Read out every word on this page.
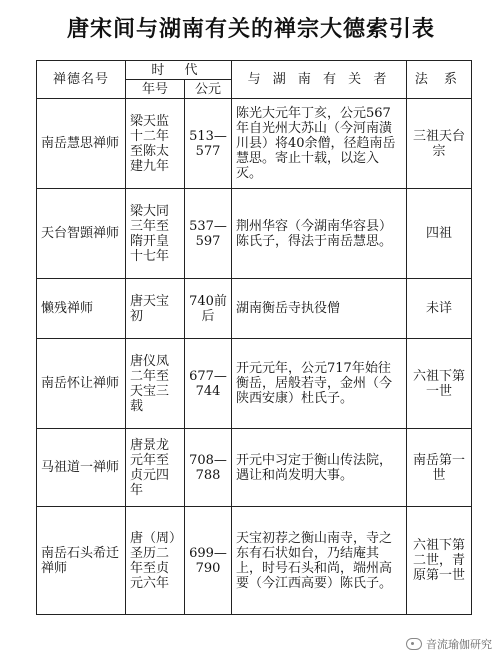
唐宋间与湖南有关的禅宗大德索引表
禅德名号	时 代		与 湖 南 有 关 者	法 系
	年号	公元		
南岳慧思禅师	梁天监十二年至陈太建九年	513—577	陈光大元年丁亥，公元567年自光州大苏山（今河南潢川县）将40余僧，径趋南岳慧思。寄止十载，以迄入灭。	三祖天台宗
天台智顗禅师	梁大同三年至隋开皇十七年	537—597	荆州华容（今湖南华容县）陈氏子，得法于南岳慧思。	四祖
懒残禅师	唐天宝初	740前后	湖南衡岳寺执役僧	未详
南岳怀让禅师	唐仪凤二年至天宝三载	677—744	开元元年，公元717年始往衡岳，居般若寺，金州（今陕西安康）杜氏子。	六祖下第一世
马祖道一禅师	唐景龙元年至贞元四年	708—788	开元中习定于衡山传法院，遇让和尚发明大事。	南岳第一世
南岳石头希迁禅师	唐（周）圣历二年至贞元六年	699—790	天宝初荐之衡山南寺，寺之东有石状如台，乃结庵其上，时号石头和尚，端州高要（今江西高要）陈氏子。	六祖下第二世，青原第一世
音流瑜伽研究
